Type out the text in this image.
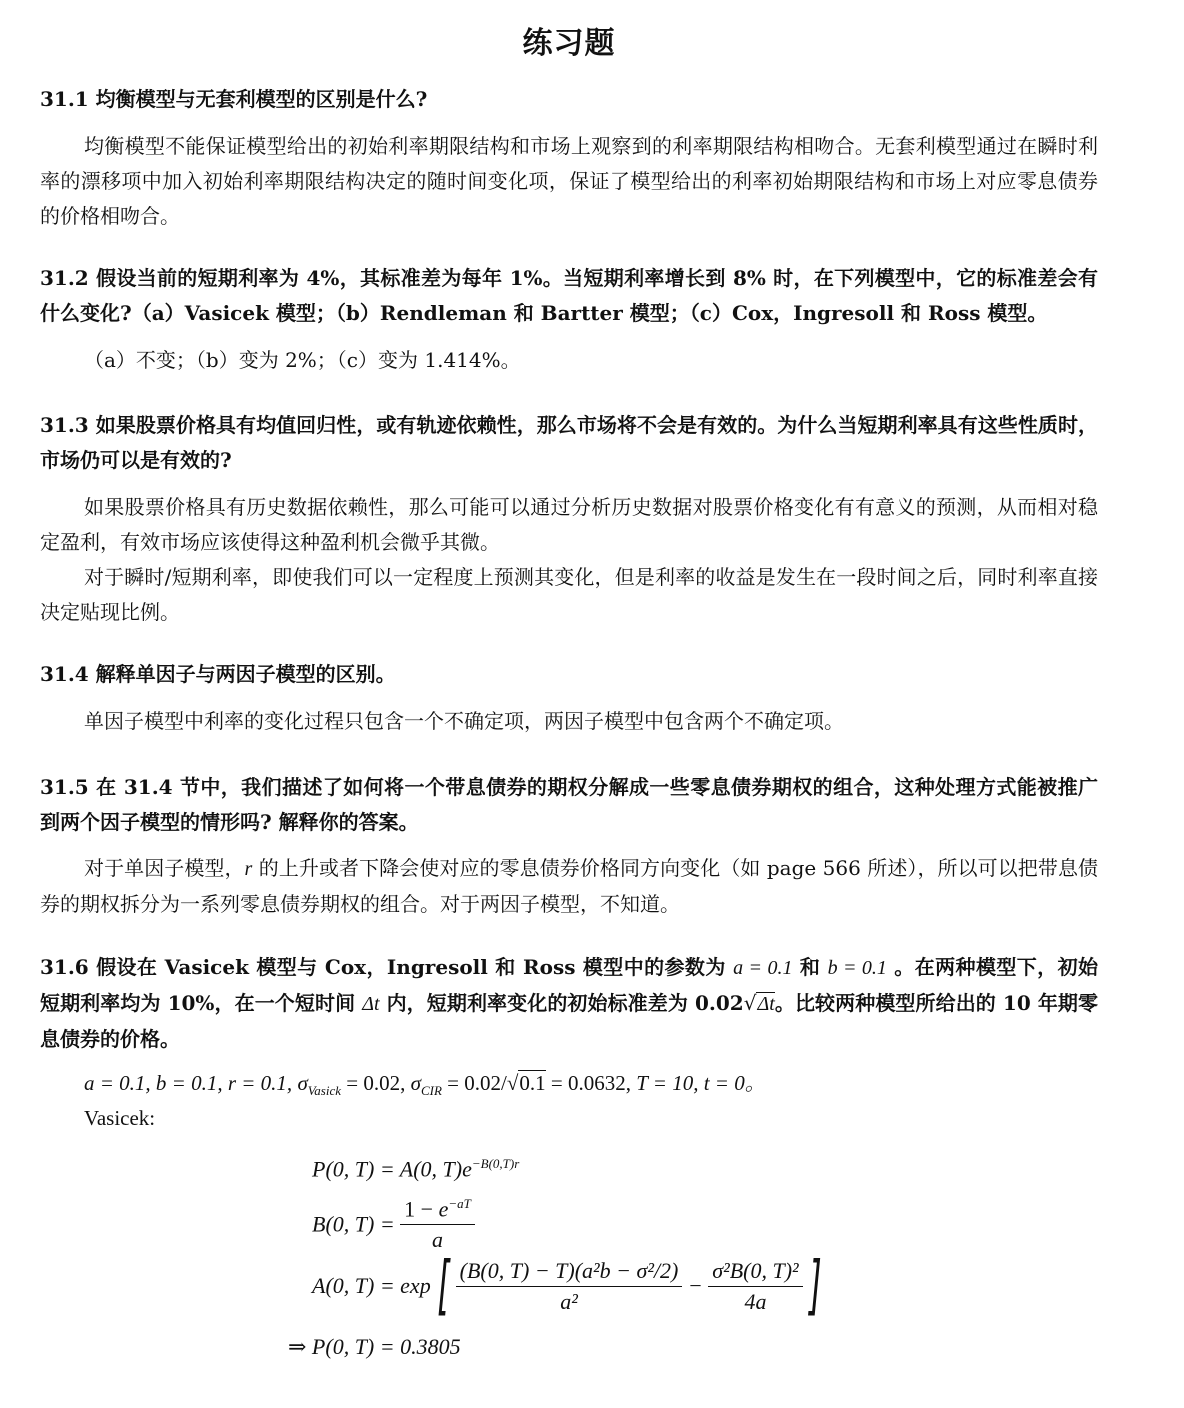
练习题
31.1 均衡模型与无套利模型的区别是什么?
均衡模型不能保证模型给出的初始利率期限结构和市场上观察到的利率期限结构相吻合。无套利模型通过在瞬时利率的漂移项中加入初始利率期限结构决定的随时间变化项，保证了模型给出的利率初始期限结构和市场上对应零息债券的价格相吻合。
31.2 假设当前的短期利率为 4%，其标准差为每年 1%。当短期利率增长到 8% 时，在下列模型中，它的标准差会有什么变化?（a）Vasicek 模型；（b）Rendleman 和 Bartter 模型；（c）Cox，Ingresoll 和 Ross 模型。
（a）不变；（b）变为 2%；（c）变为 1.414%。
31.3 如果股票价格具有均值回归性，或有轨迹依赖性，那么市场将不会是有效的。为什么当短期利率具有这些性质时，市场仍可以是有效的?
如果股票价格具有历史数据依赖性，那么可能可以通过分析历史数据对股票价格变化有有意义的预测，从而相对稳定盈利，有效市场应该使得这种盈利机会微乎其微。
对于瞬时/短期利率，即使我们可以一定程度上预测其变化，但是利率的收益是发生在一段时间之后，同时利率直接决定贴现比例。
31.4 解释单因子与两因子模型的区别。
单因子模型中利率的变化过程只包含一个不确定项，两因子模型中包含两个不确定项。
31.5 在 31.4 节中，我们描述了如何将一个带息债券的期权分解成一些零息债券期权的组合，这种处理方式能被推广到两个因子模型的情形吗? 解释你的答案。
对于单因子模型，r 的上升或者下降会使对应的零息债券价格同方向变化（如 page 566 所述），所以可以把带息债券的期权拆分为一系列零息债券期权的组合。对于两因子模型，不知道。
31.6 假设在 Vasicek 模型与 Cox，Ingresoll 和 Ross 模型中的参数为 a = 0.1 和 b = 0.1 。在两种模型下，初始短期利率均为 10%，在一个短时间 Δt 内，短期利率变化的初始标准差为 0.02√Δt。比较两种模型所给出的 10 年期零息债券的价格。
a = 0.1, b = 0.1, r = 0.1, $\sigma_{Vasick} = 0.02$, $\sigma_{CIR} = 0.02/√0.1 = 0.0632$, T = 10, t = 0。
Vasicek:
P(0, T) = A(0, $T)e^{-B(0,T)r}$
B(0, $T) = \frac{1 - e^{-aT}}{a}$
A(0, $T) = \exp[ \frac{\text{(B(0, T) − T)(a²b − σ²/2)}}{\text{a²}} - \frac{\text{σ²B(0, T)²}}{4a}$ ]
⇒ P(0, T) = 0.3805
